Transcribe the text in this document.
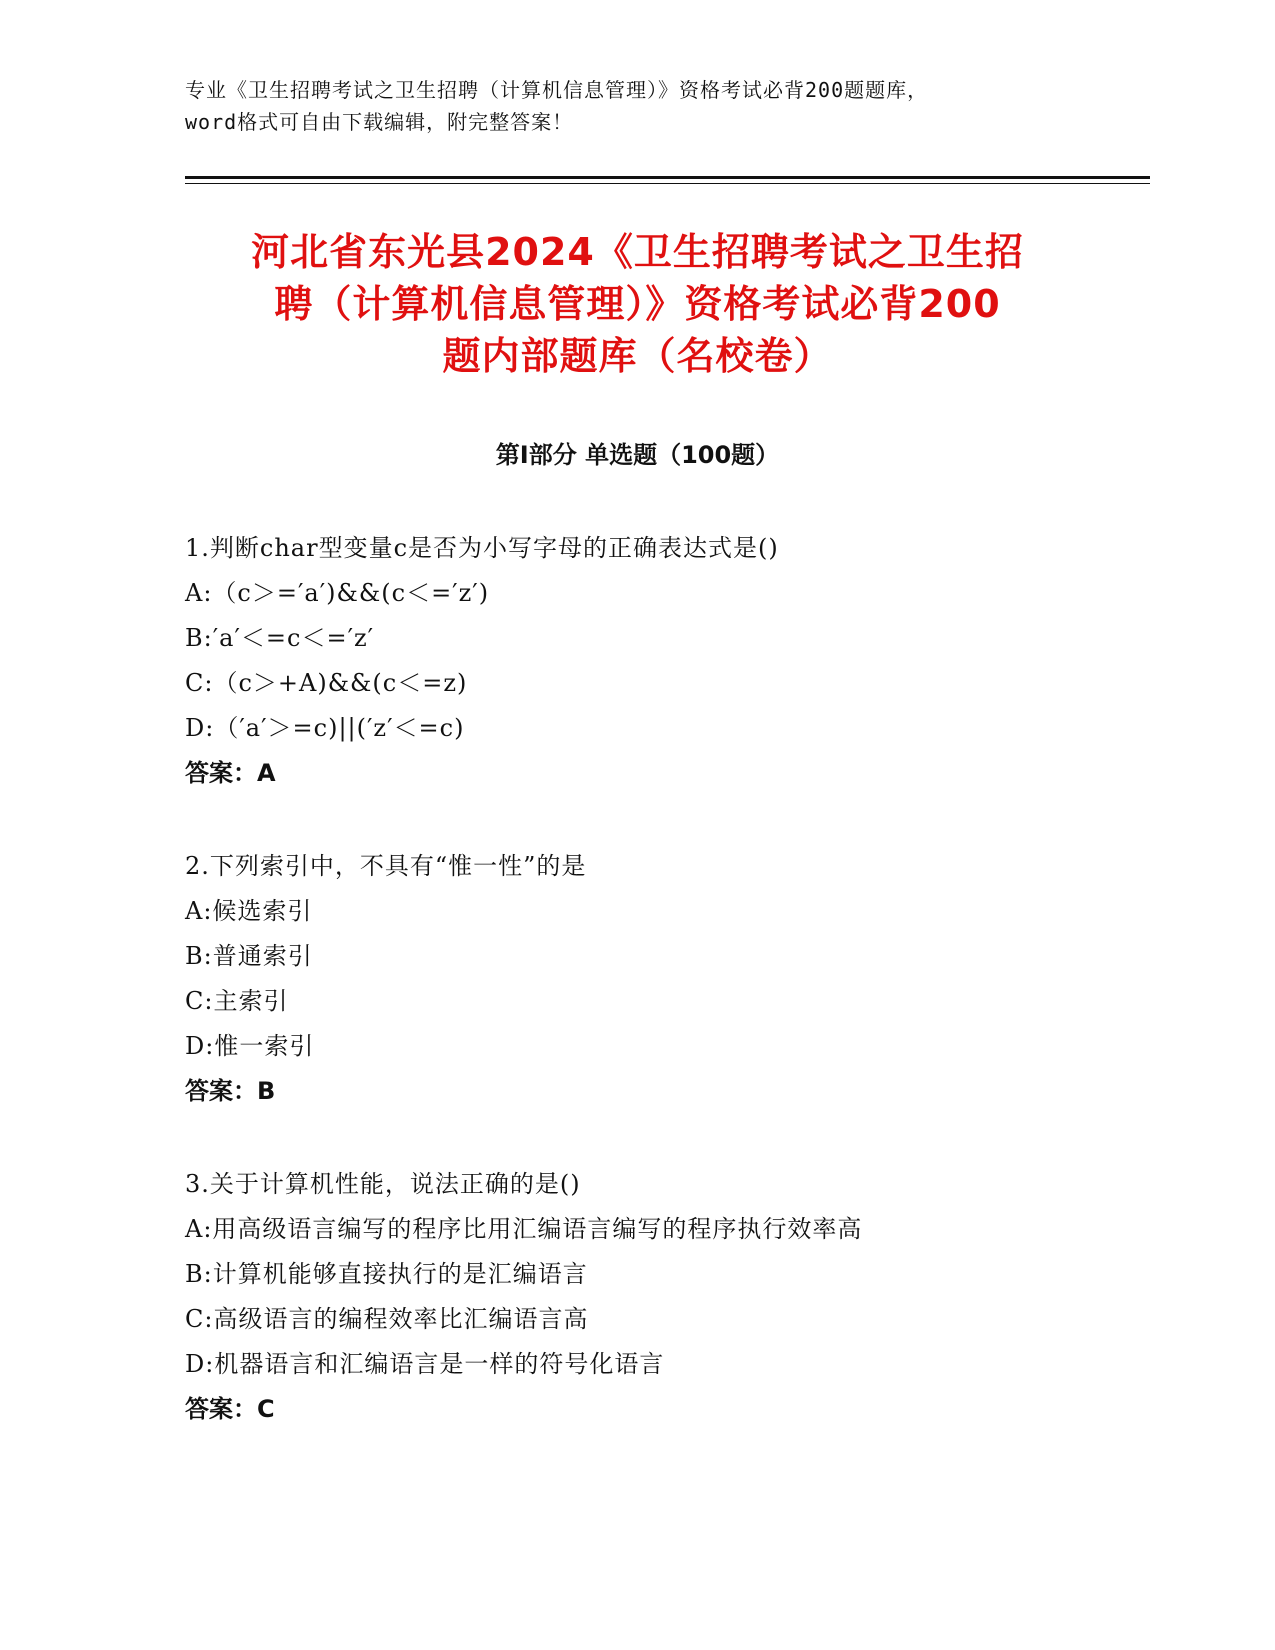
专业《卫生招聘考试之卫生招聘（计算机信息管理）》资格考试必背200题题库，
word格式可自由下载编辑，附完整答案！
河北省东光县2024《卫生招聘考试之卫生招
聘（计算机信息管理）》资格考试必背200
题内部题库（名校卷）
第Ⅰ部分 单选题（100题）
1.判断char型变量c是否为小写字母的正确表达式是()
A:（c＞=′a′)&&(c＜=′z′)
B:′a′＜=c＜=′z′
C:（c＞+A)&&(c＜=z)
D:（′a′＞=c)||(′z′＜=c)
答案：A
2.下列索引中，不具有“惟一性”的是
A:候选索引
B:普通索引
C:主索引
D:惟一索引
答案：B
3.关于计算机性能，说法正确的是()
A:用高级语言编写的程序比用汇编语言编写的程序执行效率高
B:计算机能够直接执行的是汇编语言
C:高级语言的编程效率比汇编语言高
D:机器语言和汇编语言是一样的符号化语言
答案：C
